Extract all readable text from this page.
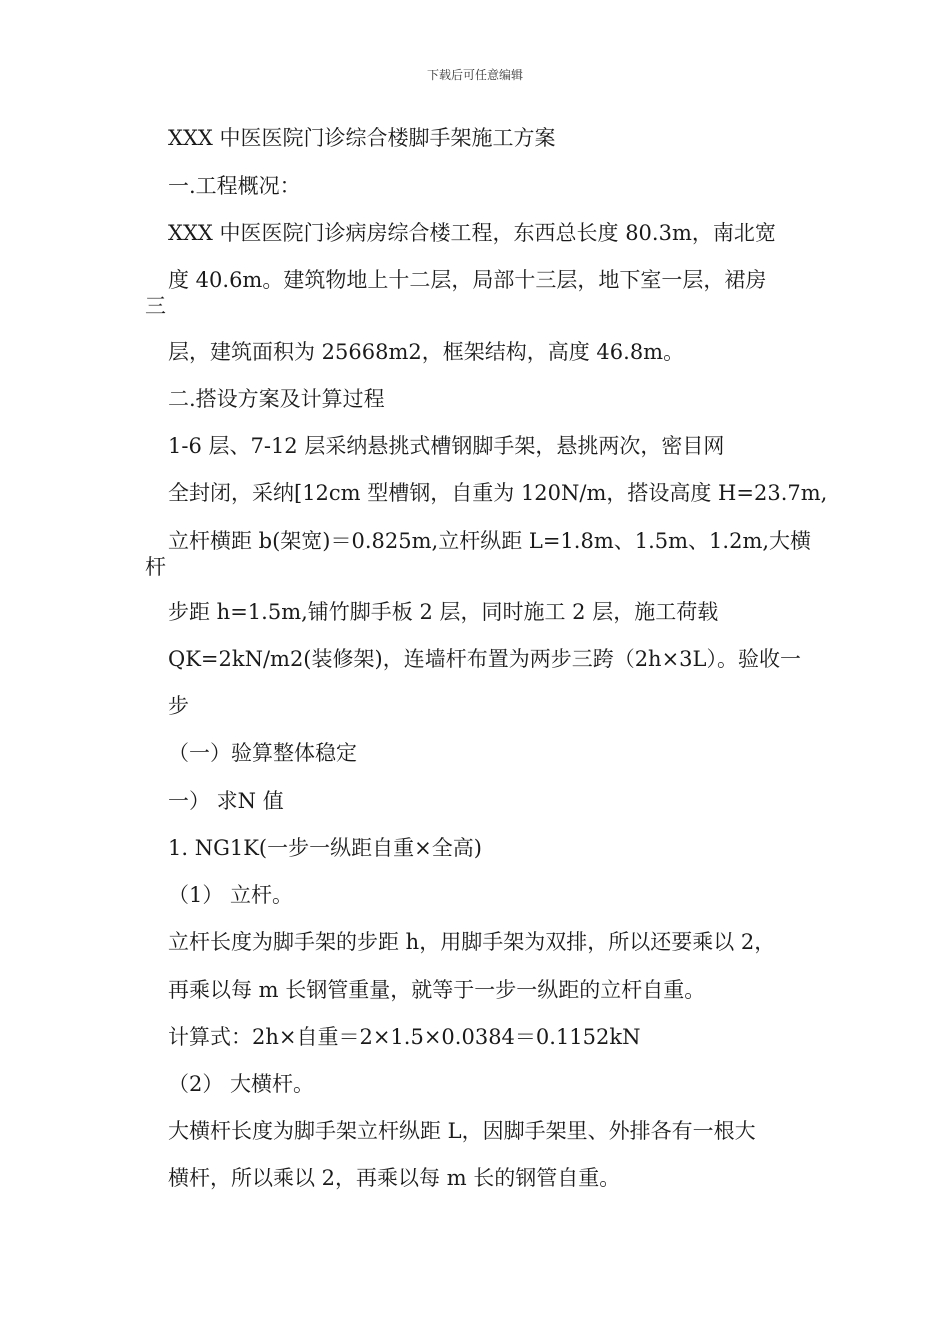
下载后可任意编辑
XXX 中医医院门诊综合楼脚手架施工方案
一.工程概况：
XXX 中医医院门诊病房综合楼工程，东西总长度 80.3m，南北宽
度 40.6m。建筑物地上十二层，局部十三层，地下室一层，裙房
三
层，建筑面积为 25668m2，框架结构，高度 46.8m。
二.搭设方案及计算过程
1-6 层、7-12 层采纳悬挑式槽钢脚手架，悬挑两次，密目网
全封闭，采纳[12cm 型槽钢，自重为 120N/m，搭设高度 H=23.7m,
立杆横距 b(架宽)＝0.825m,立杆纵距 L=1.8m、1.5m、1.2m,大横
杆
步距 h=1.5m,铺竹脚手板 2 层，同时施工 2 层，施工荷载
QK=2kN/m2(装修架)，连墙杆布置为两步三跨（2h×3L）。验收一
步
（一）验算整体稳定
一） 求N 值
1. NG1K(一步一纵距自重×全高)
（1） 立杆。
立杆长度为脚手架的步距 h，用脚手架为双排，所以还要乘以 2，
再乘以每 m 长钢管重量，就等于一步一纵距的立杆自重。
计算式：2h×自重＝2×1.5×0.0384＝0.1152kN
（2） 大横杆。
大横杆长度为脚手架立杆纵距 L，因脚手架里、外排各有一根大
横杆，所以乘以 2，再乘以每 m 长的钢管自重。
